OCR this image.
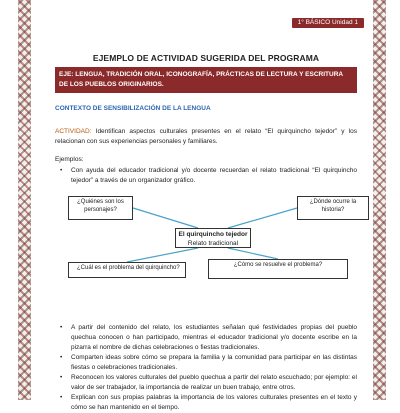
1° BÁSICO Unidad 1
EJEMPLO DE ACTIVIDAD SUGERIDA DEL PROGRAMA
EJE: LENGUA, TRADICIÓN ORAL, ICONOGRAFÍA, PRÁCTICAS DE LECTURA Y ESCRITURA DE LOS PUEBLOS ORIGINARIOS.
CONTEXTO DE SENSIBILIZACIÓN DE LA LENGUA
ACTIVIDAD: Identifican aspectos culturales presentes en el relato “El quirquincho tejedor” y los relacionan con sus experiencias personales y familiares.
Ejemplos:
• Con ayuda del educador tradicional y/o docente recuerdan el relato tradicional “El quirquincho tejedor” a través de un organizador gráfico.
¿Quiénes son los personajes?
¿Dónde ocurre la historia?
El quirquincho tejedor
Relato tradicional
¿Cuál es el problema del quirquincho?	¿Cómo se resuelve el problema?
• A partir del contenido del relato, los estudiantes señalan qué festividades propias del pueblo quechua conocen o han participado, mientras el educador tradicional y/o docente escribe en la pizarra el nombre de dichas celebraciones o fiestas tradicionales.
• Comparten ideas sobre cómo se prepara la familia y la comunidad para participar en las distintas fiestas o celebraciones tradicionales.
• Reconocen los valores culturales del pueblo quechua a partir del relato escuchado; por ejemplo: el valor de ser trabajador, la importancia de realizar un buen trabajo, entre otros.
• Explican con sus propias palabras la importancia de los valores culturales presentes en el texto y cómo se han mantenido en el tiempo.
